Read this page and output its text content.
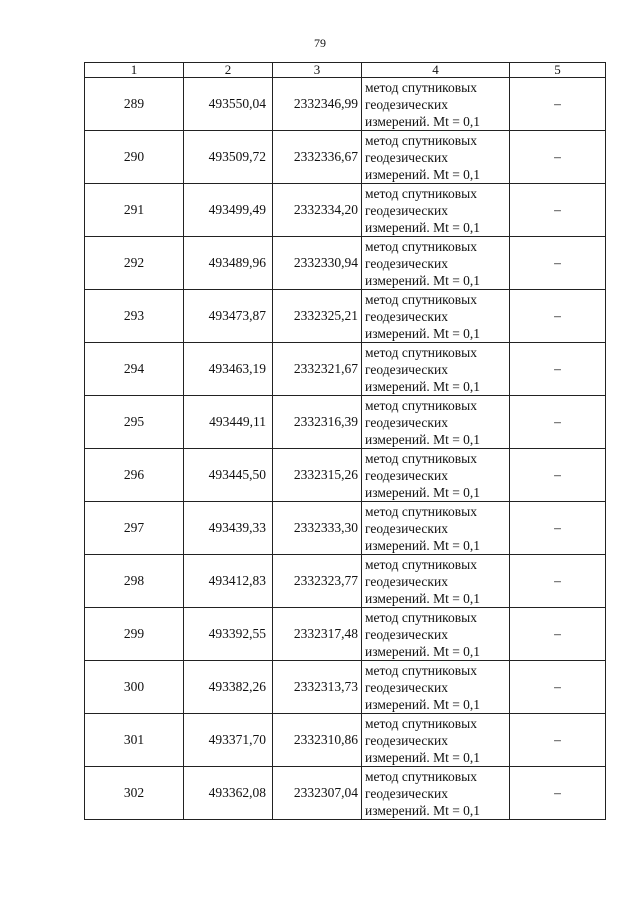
79
1	2	3	4	5
289	493550,04	2332346,99	метод спутниковых
геодезических
измерений. Mt = 0,1	–
290	493509,72	2332336,67	метод спутниковых
геодезических
измерений. Mt = 0,1	–
291	493499,49	2332334,20	метод спутниковых
геодезических
измерений. Mt = 0,1	–
292	493489,96	2332330,94	метод спутниковых
геодезических
измерений. Mt = 0,1	–
293	493473,87	2332325,21	метод спутниковых
геодезических
измерений. Mt = 0,1	–
294	493463,19	2332321,67	метод спутниковых
геодезических
измерений. Mt = 0,1	–
295	493449,11	2332316,39	метод спутниковых
геодезических
измерений. Mt = 0,1	–
296	493445,50	2332315,26	метод спутниковых
геодезических
измерений. Mt = 0,1	–
297	493439,33	2332333,30	метод спутниковых
геодезических
измерений. Mt = 0,1	–
298	493412,83	2332323,77	метод спутниковых
геодезических
измерений. Mt = 0,1	–
299	493392,55	2332317,48	метод спутниковых
геодезических
измерений. Mt = 0,1	–
300	493382,26	2332313,73	метод спутниковых
геодезических
измерений. Mt = 0,1	–
301	493371,70	2332310,86	метод спутниковых
геодезических
измерений. Mt = 0,1	–
302	493362,08	2332307,04	метод спутниковых
геодезических
измерений. Mt = 0,1	–
